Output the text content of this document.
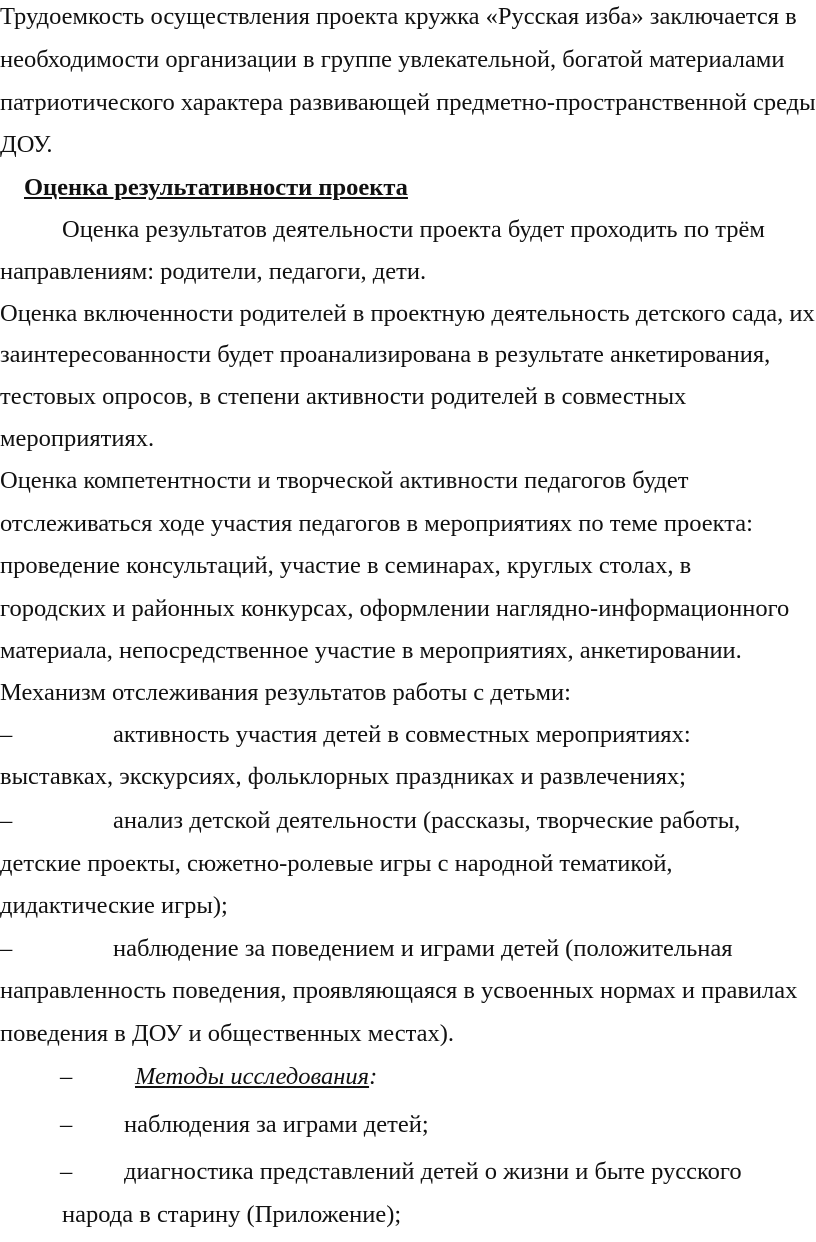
Трудоемкость осуществления проекта кружка «Русская изба» заключается в
необходимости организации в группе увлекательной, богатой материалами
патриотического характера развивающей предметно-пространственной среды
ДОУ.
Оценка результативности проекта
Оценка результатов деятельности проекта будет проходить по трём
направлениям: родители, педагоги, дети.
Оценка включенности родителей в проектную деятельность детского сада, их
заинтересованности будет проанализирована в результате анкетирования,
тестовых опросов, в степени активности родителей в совместных
мероприятиях.
Оценка компетентности и творческой активности педагогов будет
отслеживаться ходе участия педагогов в мероприятиях по теме проекта:
проведение консультаций, участие в семинарах, круглых столах, в
городских и районных конкурсах, оформлении наглядно-информационного
материала, непосредственное участие в мероприятиях, анкетировании.
Механизм отслеживания результатов работы с детьми:
–	активность участия детей в совместных мероприятиях:
выставках, экскурсиях, фольклорных праздниках и развлечениях;
–	анализ детской деятельности (рассказы, творческие работы,
детские проекты, сюжетно-ролевые игры с народной тематикой,
дидактические игры);
–	наблюдение за поведением и играми детей (положительная
направленность поведения, проявляющаяся в усвоенных нормах и правилах
поведения в ДОУ и общественных местах).
–	Методы исследования:
– наблюдения за играми детей;
– диагностика представлений детей о жизни и быте русского
народа в старину (Приложение);
